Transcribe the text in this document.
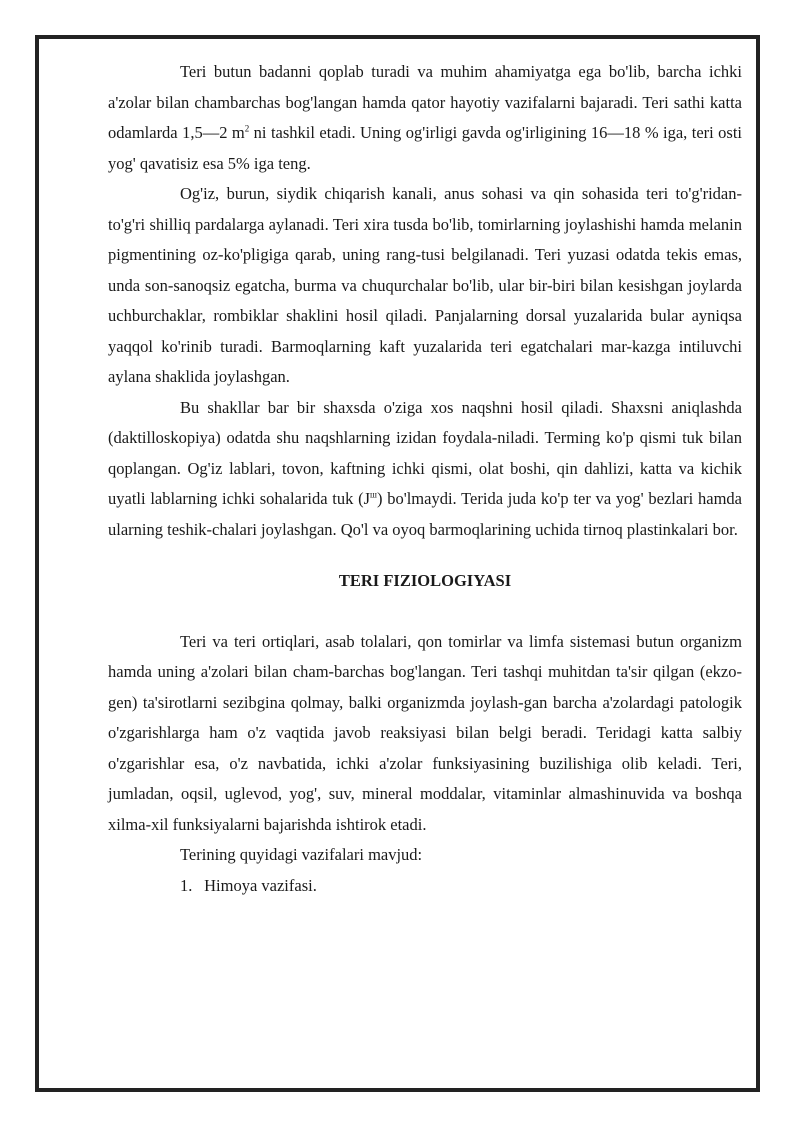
Teri butun badanni qoplab turadi va muhim ahamiyatga ega bo'lib, barcha ichki a'zolar bilan chambarchas bog'langan hamda qator hayotiy vazifalarni bajaradi. Teri sathi katta odamlarda 1,5—2 $m^2$ ni tashkil etadi. Uning og'irligi gavda og'irligining 16—18 % iga, teri osti yog' qavatisiz esa 5% iga teng.

Og'iz, burun, siydik chiqarish kanali, anus sohasi va qin sohasida teri to'g'ridan-to'g'ri shilliq pardalarga aylanadi. Teri xira tusda bo'lib, tomirlarning joylashishi hamda melanin pigmentining oz-ko'pligiga qarab, uning rang-tusi belgilanadi. Teri yuzasi odatda tekis emas, unda son-sanoqsiz egatcha, burma va chuqurchalar bo'lib, ular bir-biri bilan kesishgan joylarda uchburchaklar, rombiklar shaklini hosil qiladi. Panjalarning dorsal yuzalarida bular ayniqsa yaqqol ko'rinib turadi. Barmoqlarning kaft yuzalarida teri egatchalari mar-kazga intiluvchi aylana shaklida joylashgan.

Bu shakllar bar bir shaxsda o'ziga xos naqshni hosil qiladi. Shaxsni aniqlashda (daktilloskopiya) odatda shu naqshlarning izidan foydala-niladi. Terming ko'p qismi tuk bilan qoplangan. Og'iz lablari, tovon, kaftning ichki qismi, olat boshi, qin dahlizi, katta va kichik uyatli lablarning ichki sohalarida tuk $(J^ш)$ bo'lmaydi. Terida juda ko'p ter va yog' bezlari hamda ularning teshik-chalari joylashgan. Qo'l va oyoq barmoqlarining uchida tirnoq plastinkalari bor.

TERI FIZIOLOGIYASI

Teri va teri ortiqlari, asab tolalari, qon tomirlar va limfa sistemasi butun organizm hamda uning a'zolari bilan cham-barchas bog'langan. Teri tashqi muhitdan ta'sir qilgan (ekzo-gen) ta'sirotlarni sezibgina qolmay, balki organizmda joylash-gan barcha a'zolardagi patologik o'zgarishlarga ham o'z vaqtida javob reaksiyasi bilan belgi beradi. Teridagi katta salbiy o'zgarishlar esa, o'z navbatida, ichki a'zolar funksiyasining buzilishiga olib keladi. Teri, jumladan, oqsil, uglevod, yog', suv, mineral moddalar, vitaminlar almashinuvida va boshqa xilma-xil funksiyalarni bajarishda ishtirok etadi.

Terining quyidagi vazifalari mavjud:

1. Himoya vazifasi.
